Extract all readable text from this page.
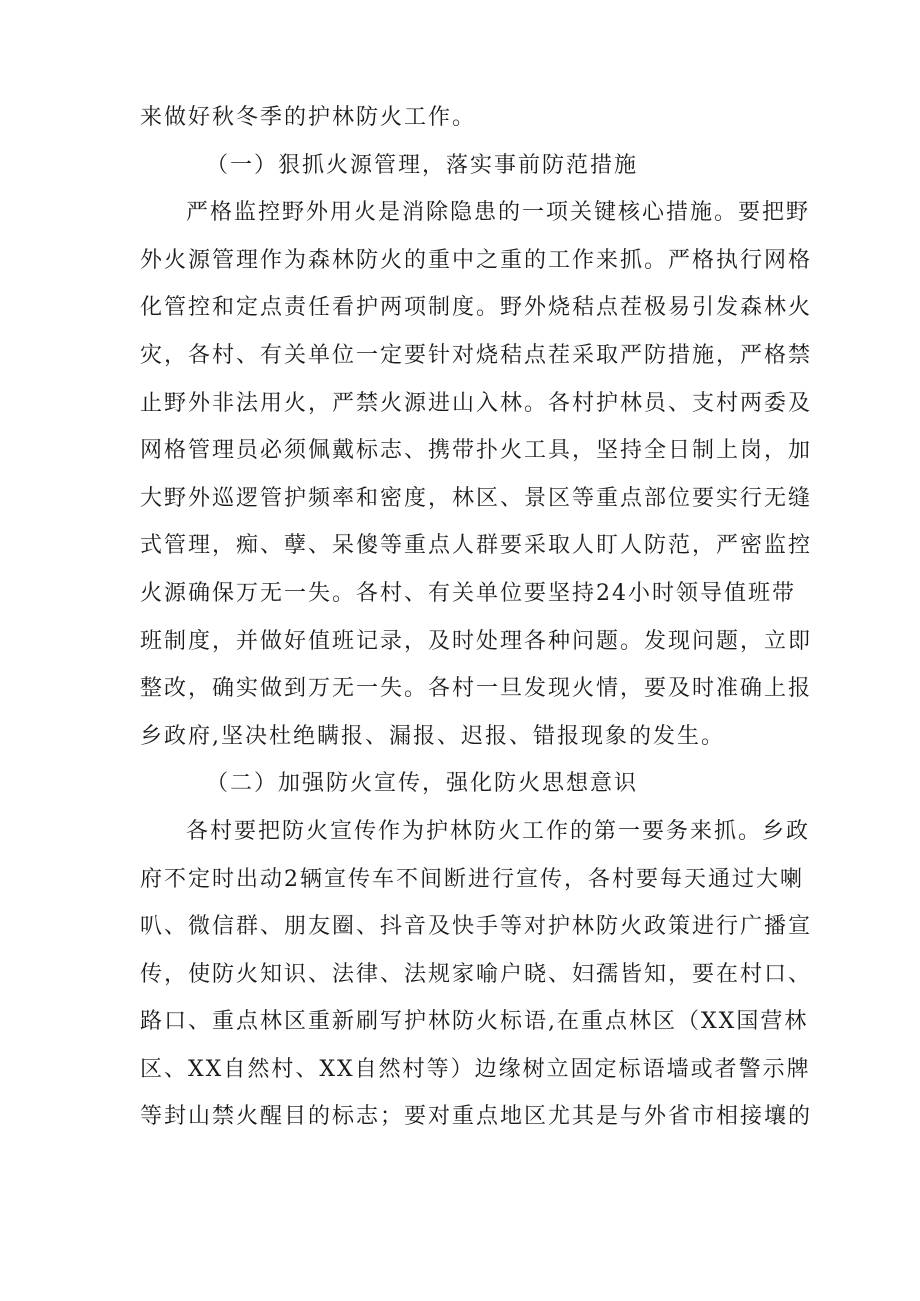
来做好秋冬季的护林防火工作。
（一）狠抓火源管理，落实事前防范措施
严格监控野外用火是消除隐患的一项关键核心措施。要把野
外火源管理作为森林防火的重中之重的工作来抓。严格执行网格
化管控和定点责任看护两项制度。野外烧秸点茬极易引发森林火
灾，各村、有关单位一定要针对烧秸点茬采取严防措施，严格禁
止野外非法用火，严禁火源进山入林。各村护林员、支村两委及
网格管理员必须佩戴标志、携带扑火工具，坚持全日制上岗，加
大野外巡逻管护频率和密度，林区、景区等重点部位要实行无缝
式管理，痴、孽、呆傻等重点人群要采取人盯人防范，严密监控
火源确保万无一失。各村、有关单位要坚持24小时领导值班带
班制度，并做好值班记录，及时处理各种问题。发现问题，立即
整改，确实做到万无一失。各村一旦发现火情，要及时准确上报
乡政府,坚决杜绝瞒报、漏报、迟报、错报现象的发生。
（二）加强防火宣传，强化防火思想意识
各村要把防火宣传作为护林防火工作的第一要务来抓。乡政
府不定时出动2辆宣传车不间断进行宣传，各村要每天通过大喇
叭、微信群、朋友圈、抖音及快手等对护林防火政策进行广播宣
传，使防火知识、法律、法规家喻户晓、妇孺皆知，要在村口、
路口、重点林区重新刷写护林防火标语,在重点林区（XX国营林
区、XX自然村、XX自然村等）边缘树立固定标语墙或者警示牌
等封山禁火醒目的标志；要对重点地区尤其是与外省市相接壤的
